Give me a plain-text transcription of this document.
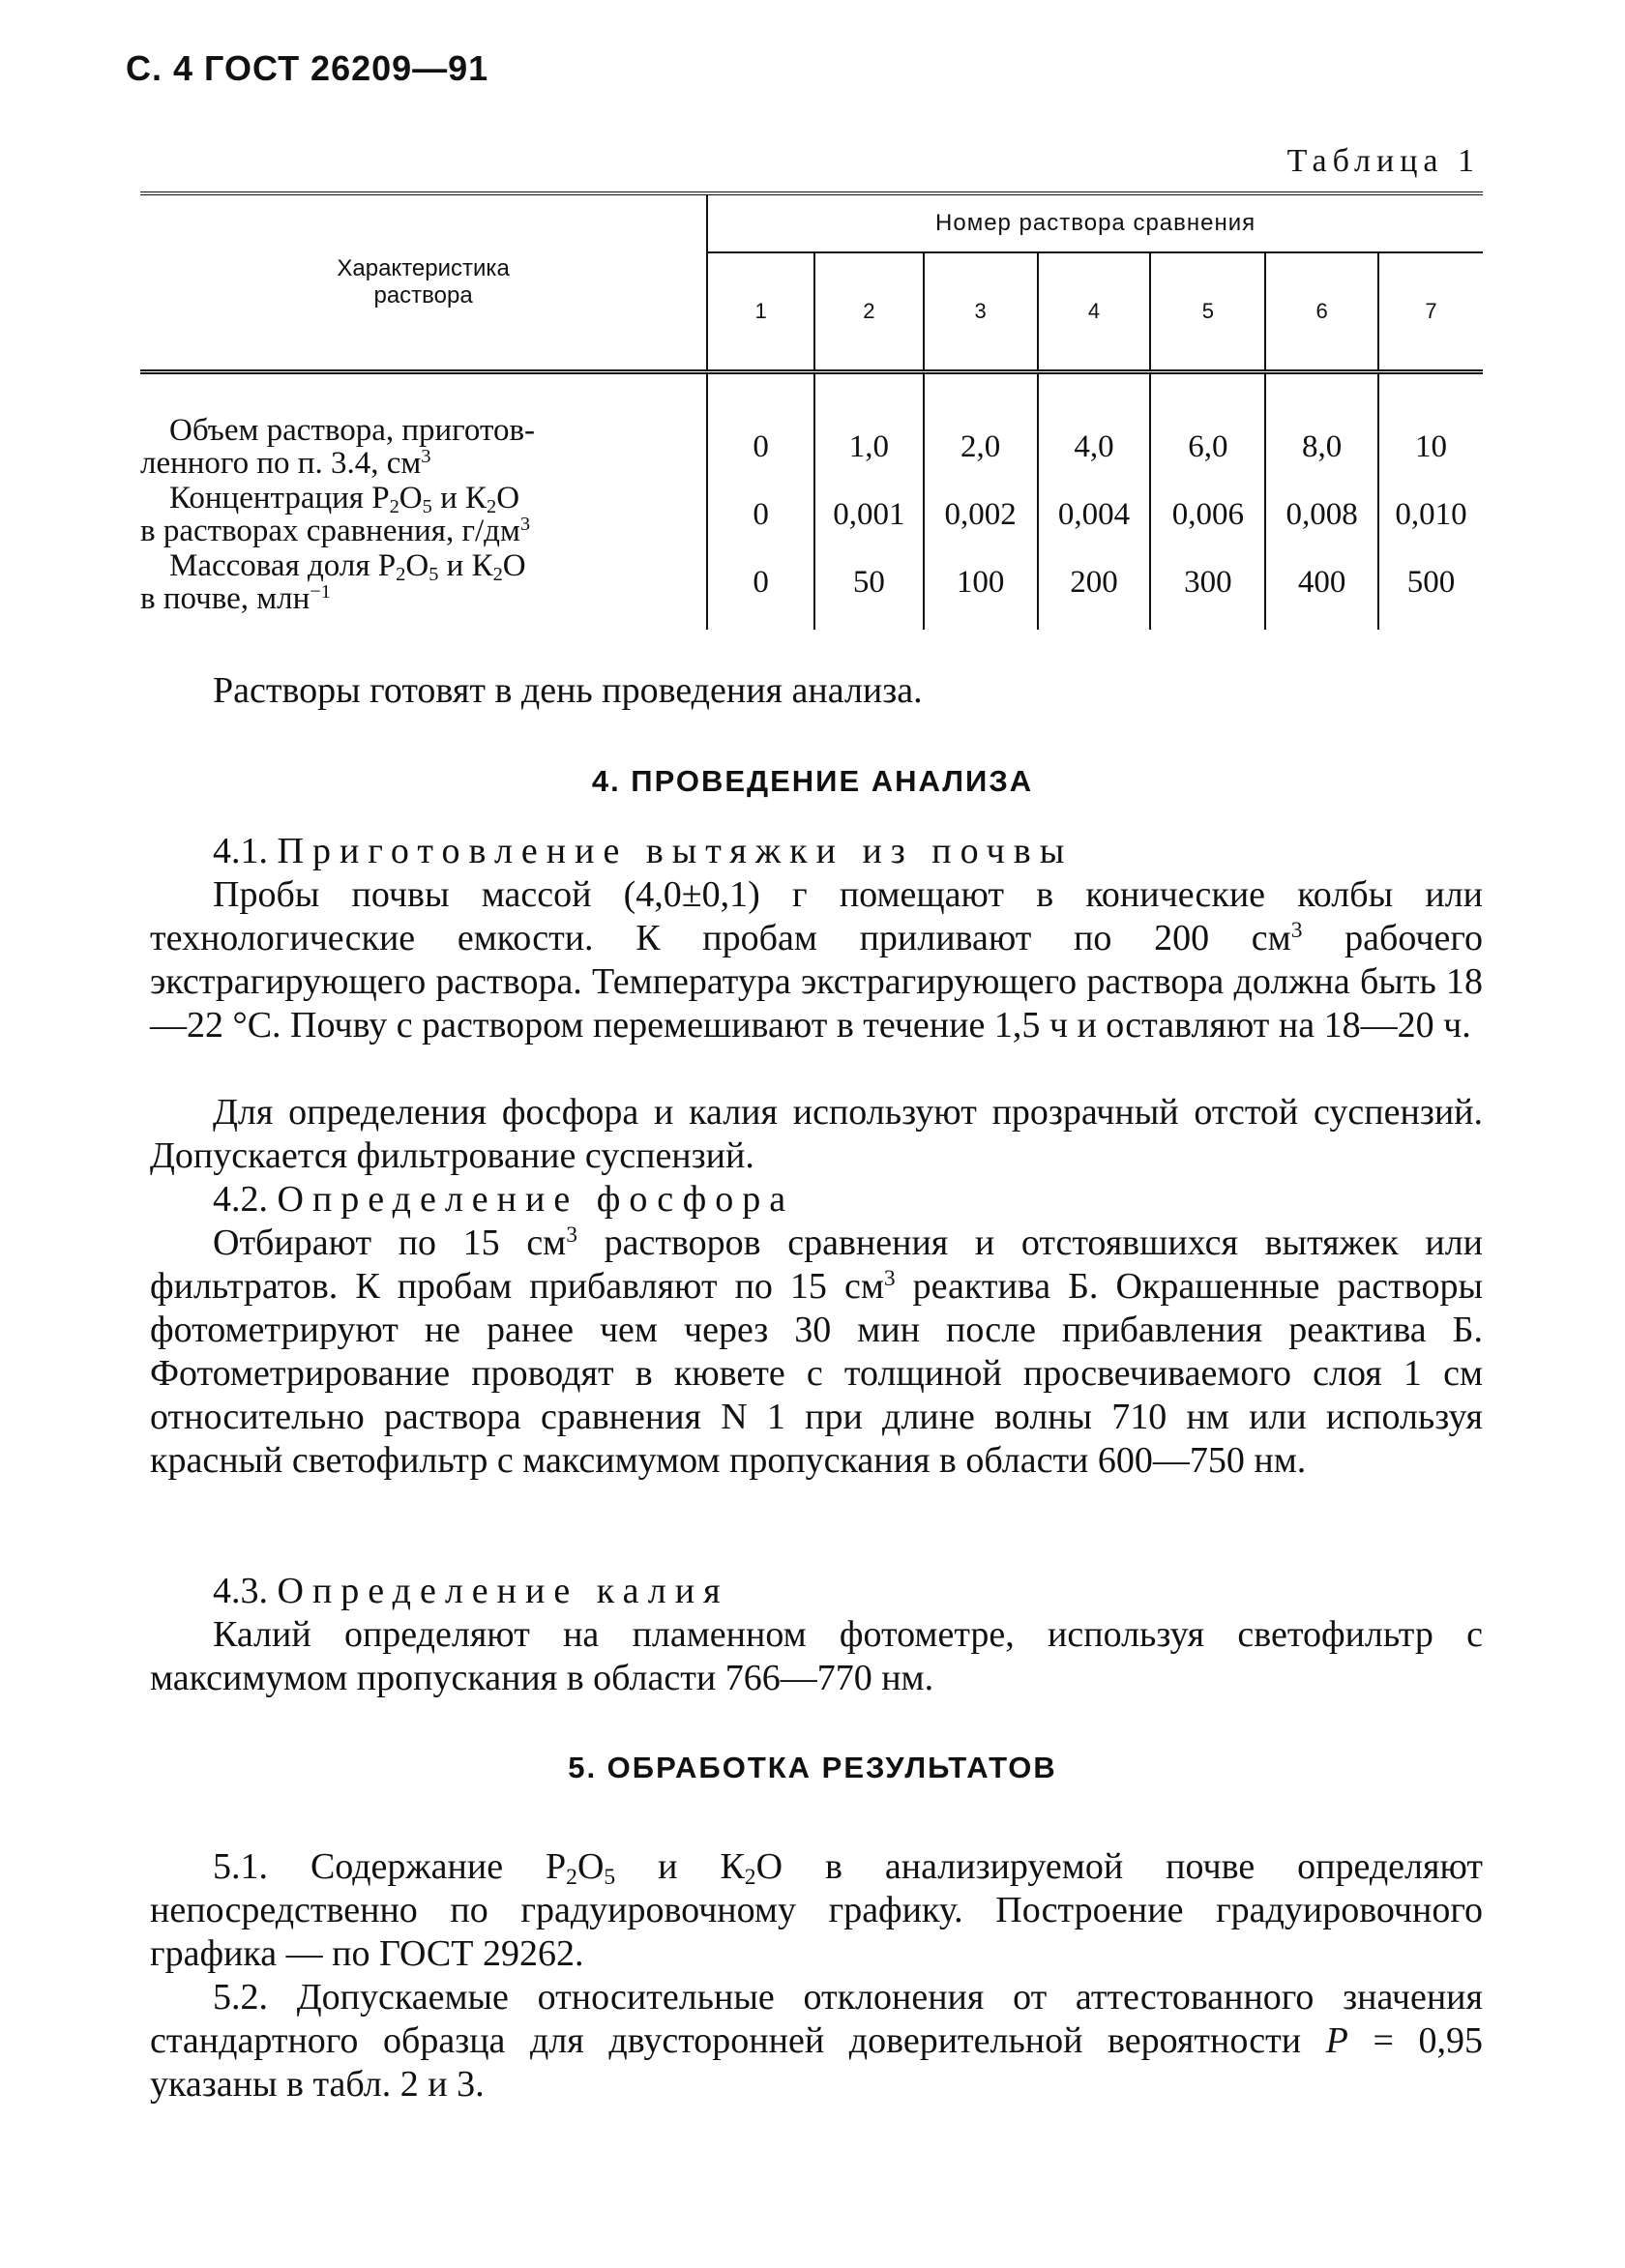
С. 4 ГОСТ 26209—91
Таблица 1
Характеристика
раствора	Номер раствора сравнения						
	1	2	3	4	5	6	7

Объем раствора, приготов-
ленного по п. 3.4, $см^3$	0	1,0	2,0	4,0	6,0	8,0	10

Концентрация $Р_2О_5$ и $К_2О$
в растворах сравнения, $г/дм^3$	0	0,001	0,002	0,004	0,006	0,008	0,010

Массовая доля $Р_2О_5$ и $К_2О$
в почве, млн$^{-1}$	0	50	100	200	300	400	500
Растворы готовят в день проведения анализа.
4. ПРОВЕДЕНИЕ АНАЛИЗА
4.1. Приготовление вытяжки из почвы
Пробы почвы массой (4,0±0,1) г помещают в конические колбы или технологические емкости. К пробам приливают по 200 $см^3$ рабочего экстрагирующего раствора. Температура экстрагирующего раствора должна быть 18—22 °С. Почву с раствором перемешивают в течение 1,5 ч и оставляют на 18—20 ч.
Для определения фосфора и калия используют прозрачный отстой суспензий. Допускается фильтрование суспензий.
4.2. Определение фосфора
Отбирают по 15 $см^3$ растворов сравнения и отстоявшихся вытяжек или фильтратов. К пробам прибавляют по 15 $см^3$ реактива Б. Окрашенные растворы фотометрируют не ранее чем через 30 мин после прибавления реактива Б. Фотометрирование проводят в кювете с толщиной просвечиваемого слоя 1 см относительно раствора сравнения N 1 при длине волны 710 нм или используя красный светофильтр с максимумом пропускания в области 600—750 нм.
4.3. Определение калия
Калий определяют на пламенном фотометре, используя светофильтр с максимумом пропускания в области 766—770 нм.
5. ОБРАБОТКА РЕЗУЛЬТАТОВ
5.1. Содержание $Р_2О_5$ и $К_2О$ в анализируемой почве определяют непосредственно по градуировочному графику. Построение градуировочного графика — по ГОСТ 29262.
5.2. Допускаемые относительные отклонения от аттестованного значения стандартного образца для двусторонней доверительной вероятности Р = 0,95 указаны в табл. 2 и 3.
